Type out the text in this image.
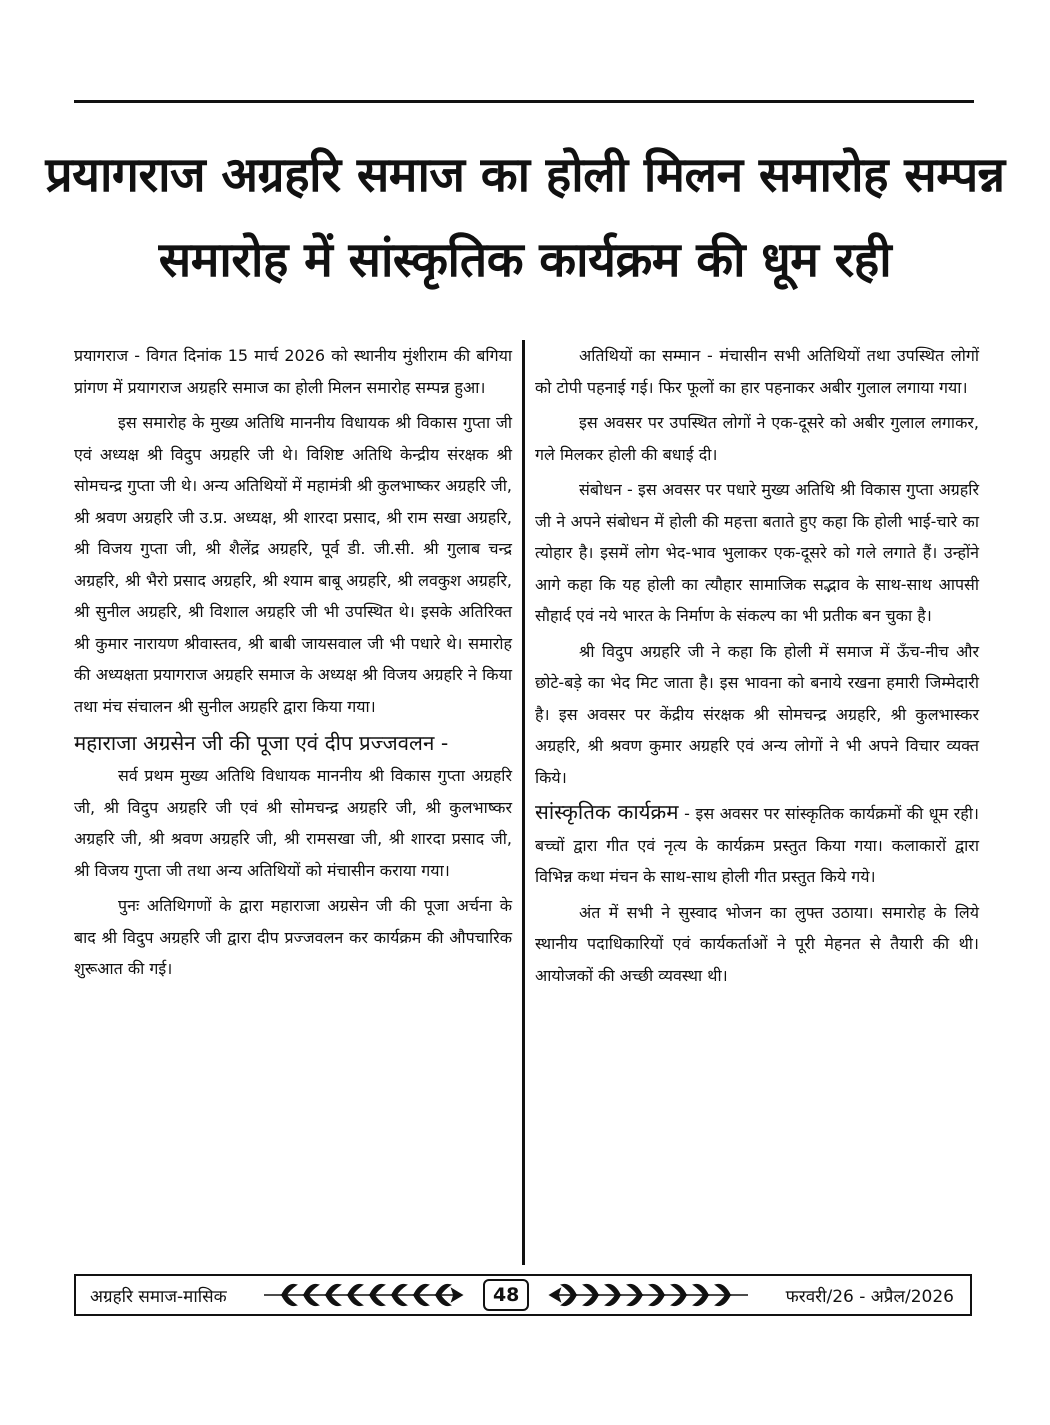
प्रयागराज अग्रहरि समाज का होली मिलन समारोह सम्पन्न
समारोह में सांस्कृतिक कार्यक्रम की धूम रही

प्रयागराज - विगत दिनांक 15 मार्च 2026 को स्थानीय मुंशीराम की बगिया प्रांगण में प्रयागराज अग्रहरि समाज का होली मिलन समारोह सम्पन्न हुआ।

इस समारोह के मुख्य अतिथि माननीय विधायक श्री विकास गुप्ता जी एवं अध्यक्ष श्री विदुप अग्रहरि जी थे। विशिष्ट अतिथि केन्द्रीय संरक्षक श्री सोमचन्द्र गुप्ता जी थे। अन्य अतिथियों में महामंत्री श्री कुलभाष्कर अग्रहरि जी, श्री श्रवण अग्रहरि जी उ.प्र. अध्यक्ष, श्री शारदा प्रसाद, श्री राम सखा अग्रहरि, श्री विजय गुप्ता जी, श्री शैलेंद्र अग्रहरि, पूर्व डी. जी.सी. श्री गुलाब चन्द्र अग्रहरि, श्री भैरो प्रसाद अग्रहरि, श्री श्याम बाबू अग्रहरि, श्री लवकुश अग्रहरि, श्री सुनील अग्रहरि, श्री विशाल अग्रहरि जी भी उपस्थित थे। इसके अतिरिक्त श्री कुमार नारायण श्रीवास्तव, श्री बाबी जायसवाल जी भी पधारे थे। समारोह की अध्यक्षता प्रयागराज अग्रहरि समाज के अध्यक्ष श्री विजय अग्रहरि ने किया तथा मंच संचालन श्री सुनील अग्रहरि द्वारा किया गया।

महाराजा अग्रसेन जी की पूजा एवं दीप प्रज्जवलन -

सर्व प्रथम मुख्य अतिथि विधायक माननीय श्री विकास गुप्ता अग्रहरि जी, श्री विदुप अग्रहरि जी एवं श्री सोमचन्द्र अग्रहरि जी, श्री कुलभाष्कर अग्रहरि जी, श्री श्रवण अग्रहरि जी, श्री रामसखा जी, श्री शारदा प्रसाद जी, श्री विजय गुप्ता जी तथा अन्य अतिथियों को मंचासीन कराया गया।

पुनः अतिथिगणों के द्वारा महाराजा अग्रसेन जी की पूजा अर्चना के बाद श्री विदुप अग्रहरि जी द्वारा दीप प्रज्जवलन कर कार्यक्रम की औपचारिक शुरूआत की गई।

अतिथियों का सम्मान - मंचासीन सभी अतिथियों तथा उपस्थित लोगों को टोपी पहनाई गई। फिर फूलों का हार पहनाकर अबीर गुलाल लगाया गया।

इस अवसर पर उपस्थित लोगों ने एक-दूसरे को अबीर गुलाल लगाकर, गले मिलकर होली की बधाई दी।

संबोधन - इस अवसर पर पधारे मुख्य अतिथि श्री विकास गुप्ता अग्रहरि जी ने अपने संबोधन में होली की महत्ता बताते हुए कहा कि होली भाई-चारे का त्योहार है। इसमें लोग भेद-भाव भुलाकर एक-दूसरे को गले लगाते हैं। उन्होंने आगे कहा कि यह होली का त्यौहार सामाजिक सद्भाव के साथ-साथ आपसी सौहार्द एवं नये भारत के निर्माण के संकल्प का भी प्रतीक बन चुका है।

श्री विदुप अग्रहरि जी ने कहा कि होली में समाज में ऊँच-नीच और छोटे-बड़े का भेद मिट जाता है। इस भावना को बनाये रखना हमारी जिम्मेदारी है। इस अवसर पर केंद्रीय संरक्षक श्री सोमचन्द्र अग्रहरि, श्री कुलभास्कर अग्रहरि, श्री श्रवण कुमार अग्रहरि एवं अन्य लोगों ने भी अपने विचार व्यक्त किये।

सांस्कृतिक कार्यक्रम - इस अवसर पर सांस्कृतिक कार्यक्रमों की धूम रही। बच्चों द्वारा गीत एवं नृत्य के कार्यक्रम प्रस्तुत किया गया। कलाकारों द्वारा विभिन्न कथा मंचन के साथ-साथ होली गीत प्रस्तुत किये गये।

अंत में सभी ने सुस्वाद भोजन का लुफ्त उठाया। समारोह के लिये स्थानीय पदाधिकारियों एवं कार्यकर्ताओं ने पूरी मेहनत से तैयारी की थी। आयोजकों की अच्छी व्यवस्था थी।

अग्रहरि समाज-मासिक	48	फरवरी/26 - अप्रैल/2026
